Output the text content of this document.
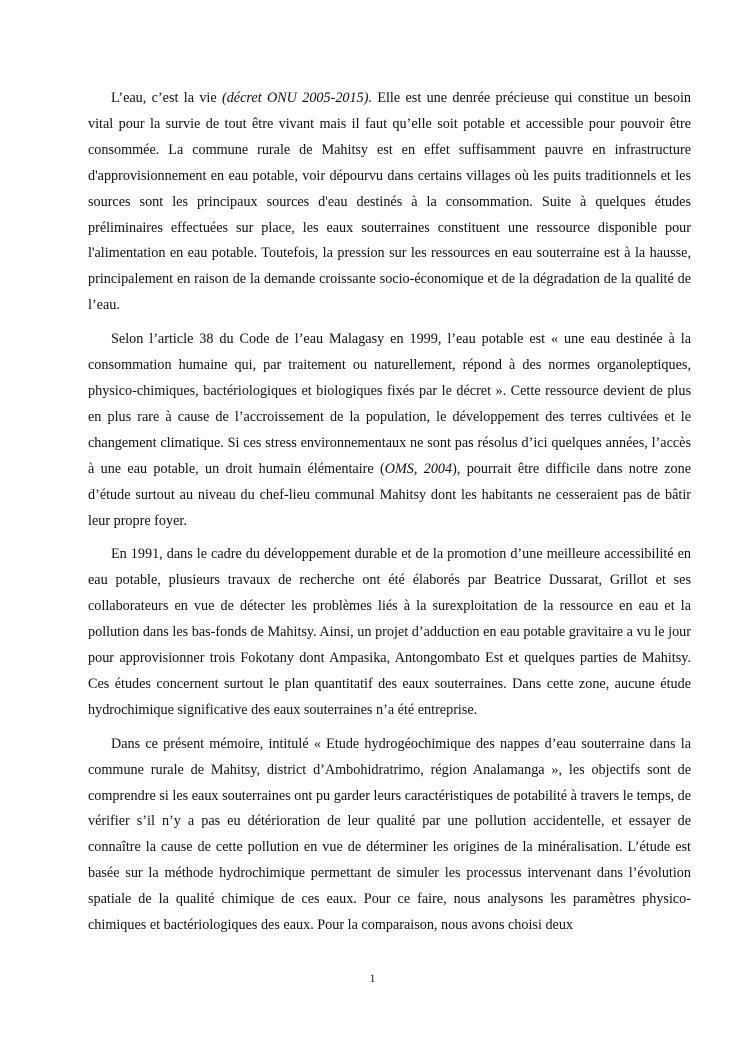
L’eau, c’est la vie (décret ONU 2005-2015). Elle est une denrée précieuse qui constitue un besoin vital pour la survie de tout être vivant mais il faut qu’elle soit potable et accessible pour pouvoir être consommée. La commune rurale de Mahitsy est en effet suffisamment pauvre en infrastructure d'approvisionnement en eau potable, voir dépourvu dans certains villages où les puits traditionnels et les sources sont les principaux sources d'eau destinés à la consommation. Suite à quelques études préliminaires effectuées sur place, les eaux souterraines constituent une ressource disponible pour l'alimentation en eau potable. Toutefois, la pression sur les ressources en eau souterraine est à la hausse, principalement en raison de la demande croissante socio-économique et de la dégradation de la qualité de l’eau.

Selon l’article 38 du Code de l’eau Malagasy en 1999, l’eau potable est « une eau destinée à la consommation humaine qui, par traitement ou naturellement, répond à des normes organoleptiques, physico-chimiques, bactériologiques et biologiques fixés par le décret ». Cette ressource devient de plus en plus rare à cause de l’accroissement de la population, le développement des terres cultivées et le changement climatique. Si ces stress environnementaux ne sont pas résolus d’ici quelques années, l’accès à une eau potable, un droit humain élémentaire (OMS, 2004), pourrait être difficile dans notre zone d’étude surtout au niveau du chef-lieu communal Mahitsy dont les habitants ne cesseraient pas de bâtir leur propre foyer.

En 1991, dans le cadre du développement durable et de la promotion d’une meilleure accessibilité en eau potable, plusieurs travaux de recherche ont été élaborés par Beatrice Dussarat, Grillot et ses collaborateurs en vue de détecter les problèmes liés à la surexploitation de la ressource en eau et la pollution dans les bas-fonds de Mahitsy. Ainsi, un projet d’adduction en eau potable gravitaire a vu le jour pour approvisionner trois Fokotany dont Ampasika, Antongombato Est et quelques parties de Mahitsy. Ces études concernent surtout le plan quantitatif des eaux souterraines. Dans cette zone, aucune étude hydrochimique significative des eaux souterraines n’a été entreprise.

Dans ce présent mémoire, intitulé « Etude hydrogéochimique des nappes d’eau souterraine dans la commune rurale de Mahitsy, district d’Ambohidratrimo, région Analamanga », les objectifs sont de comprendre si les eaux souterraines ont pu garder leurs caractéristiques de potabilité à travers le temps, de vérifier s’il n’y a pas eu détérioration de leur qualité par une pollution accidentelle, et essayer de connaître la cause de cette pollution en vue de déterminer les origines de la minéralisation. L’étude est basée sur la méthode hydrochimique permettant de simuler les processus intervenant dans l’évolution spatiale de la qualité chimique de ces eaux. Pour ce faire, nous analysons les paramètres physico-chimiques et bactériologiques des eaux. Pour la comparaison, nous avons choisi deux

1
